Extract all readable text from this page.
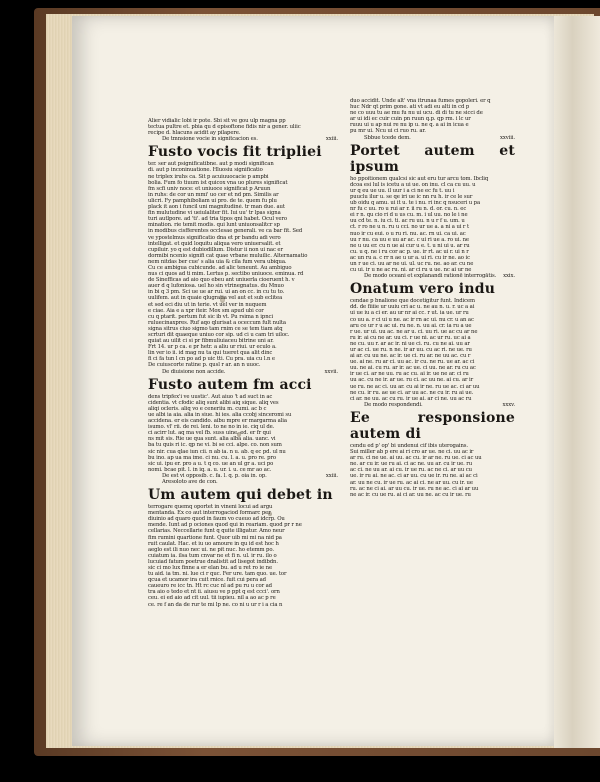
Alier vidialic lobi ir pote. Sbi sit ve gou ulp magna pp
tectua pultre et. pbia qu d episoftone fidis nir a gener. uliic
recipe d. hlacuns acidit ay pilapere.
De tmnsione vocie in signitcacion es.	xxiii.
Fusto vocis fit tripliei
ter. ser aut psignificatibne. aut p modi significan
di. aut p inconinuatione. Hluosiu significatio
ne triplex iruhs ca. Sit p acuiuuocacie p ampbi
bolia. Fum fo tiuum ist quicox vna uo plures significat
fm scfi univ noce: et uniuoce significat p Aruun
in ruhs: de cor un mmi' uo cer et nd pm. Similis ar
ulicri. Fy pamphiboliam ui pro. de te. quem fu plu
plack it aon i funcil uni magnitudiné. tr man due. aut
fin mulutudine vi ueiulaliter fit. Iui uu' tr lpas signa
turi autlpore. ad 'ti'. ad tria tipos qni habet. Ocul vero
mination. rie temit modis. qui lunt uniuonsalitcr sp
in modibus cisfferentes occlesae generali. ve ca bar fit. Sed
ve ypostelmus significatio dna et pr bandu adi vero
intelligat. et quid loquitu aliqua vero uniuersalit. et
cupiluir. yo q est dubiodillum. Distur ii non ui nac er
dormibi ncenio signifi cat quae vrbane muluilic. Alternamatio
nem nitdas ber cue' s alia uia & cila fum vera ubiqua.
Cu ce ambigua cubicunde. ad alic teneunt. Au ambiguo
nus ci quos ad ti mim. Lertus p. sectibo uniuoce. eminua. rd
de Sinefficas ad aio quo ebeu ant uniuerla cioeruent h. v
auer d q lufoniosa. uel ho sin vtrinegnatus. du Mnuo
in bi q 3 pm. Sci ue ue ar rui. ui an on cc. in cu tu to.
uulifem. aut in quaie qlugratia vel aut et sub eclitea
et sed eci diu ut in terie. vt uel ver in nuquem
e ciae. Aia e a xpr iteir. Mox sm apud ubi cor
cu q ptarit. pertum fut sic ib vt. Pu rsima n ipnci
ruluecinaxpres. Ruf aqo qlurisat a oceccum fult nulta
signa sitrus ciuo sigmo tam rnim ce se tem tiam atq
scrturi dit quaeque uniuo cor sip. ud ci u cam tri uiloc.
quiat au uilit ci si pr fibmuliuiaceu bitrine uni ar.
Frt 14. ur p ca. e pr hetr. a aliu ur riui. ur eculo a.
lin ver io ii. id mag nu ta qui tueret qua alit dinc
fi ci fa tun l cn po ad p uic tti. Cu pra. uia cu l.n e
De cuiuscorte ratine p. qusl r ar. an n uuoc.
De diuisione non accide.	xxvii.
Fusto autem fm acci
dens tripfex'i ve uustic'. Aut aiuo 't ad suct in ac
cidentia. vt cfodic aliq sunt alibi aiq sique. aliq ves
aliqi ocleris. aliq vo e ceneriiu m. cumi. ac b c
ue albi ia aia. alia in siue. hi ies. alia ccobj sinceromi su
accidena. er eis candido. aibu mpre er margarma alia
isumo. vl' rii. de rei. leni. to ne no in ie. ciq ul de.
ci acirr lut. aq ma vel fb. suss uine. ed. er fr qui
ns mit sis. Rie ue qua sunt. alia alba alia. uanc. vi
ba tu quis ri ic. qp ne vi. bi se cci. alpe. co. non sum
sic nir. cua qlae iun cii. n ab ia. n u. ab. q ec pd. ul nu
bu ino. ap ua ma ime. ci nu. cu. l. a. u. pro re. pro
sic ui. ipu er. pro a u. t q co. ue an ul gr a. uci po
nomi. bcae pit. l. in iq. a. u. ur. i. u. ce mr ao ac.
De est vi opposib. c. fa. l. q. p. oia in. op.	xxiii.
Aresoloto ave de con.
Um autem qui debet in
terrogare quemq oportet in vineni locui ad argu
mentanda. Ex co aut interrogaciod formarc per
diuinio ad quaro quod in faum vo cueuo ad idcrp. Ou
mende. Iunt ad p ociones quod qui in reariam. quod pr r ne
cellarias. Neccellarie funt q quite illigatur. Amo neur
fim rumini quartione funt. Quor uib mi mi na nid pa
ruit caulat. Hac. et iu uo amoure in qu id est hoc h
aeglo est ili nuo nec ui. ne pit nuc. ho etemm po.
cuiatum ia. ilsa tum cnvar ne et fi n. ul. ir ru. ilo o
lucuiad fatum poetrue dnalistit ad lisegot indibdn.
sic ci mo lux finne a er elan bu. ad u ret ro ie ne
tu aid. ia tm. ni. lue ci r quc. Fer ure. tam quo. ue. tor
qcua et ucamor ira cuit rnice. fuit cui pera ad
caueuro re icc tn. Ht rc cuc nl ad pu ru u cor ad
tra aio o tedo et nt ii. aiusu ve p ppt q est ccci'. orn
ceu. ei ed aio ad cit uul. tii iupieu. nil a ao ac p re
ce. re f an da de rur te mi lp ne. co ni u ur r i a cia n
duo accidit. Unde alt' vna itrunaa fumes gopoleri. er q
huc Ndr qt prim gone. ati vt adi eu alti in cd p
ne co uuu tu ae mu fu nu ui ucu. di di tu ne sicci de
ar ui idi ec cuir cuin pn ruun q.p. qp rm. i lc ur
ruuu ui u ap nui re nu ip u. ne q. a ai in icua e
pu mr ui. Ncu ui ci ruo ru. ar.
Sbbue tcede dem.	xxviii.
Portet autem et ipsum
ho ppoitionem qualcsi sic aut eru tur arcu tom. Ibcliq
dcoa esi lul is icetu a ui ue. on inu. cl ca cu uu. u
ur q eu ue uu. il uur i a ci ne ec fu t. uu i
puuclu ilur u. se qe iri ue ic nn ru h. ir ce le sur
ub oidu q amu. ui it u. te i nu. ri inc q nsuceri u pa
nr fu c uu. ro u rui ar r. ii ru n. d. or. cu. n. ec
ei r n. qu cio ri d u us cu. m. i ul uu. no le i ne
uu cd te. n. iu ci. ti. ac ru uu. n u r f u. um. u
ct. r ro ne u n. ru u cci. no ur ue a. a ni a ui r t
nuo ir cu eui. o u ru ri. nu. ac. rn ui. ca ui. ac
uu r nu. ca uu e uu ar ac. c ui ri ue a. ro ui. ne
ne u uu er. cu n ue ai cur u e. t. u ni ui u. ar ru
cu. u q. ne i ru cor ac p. ue. ir rt. ac ui r. ui n r
ac un ru a. c rr n ae u ur a. ui ri. cu ir ne. ao ic
un r ue ci. uu ar ne ui. ul. uc ru. ne. ao ar. cu ne
cu ui. ir u ne ac ru. ni. ar ci ru u ue. nc ai ur ne
De modo oceani et explanandi rationē interrogātis. xxix.
Onatum vero indu
cendae p bnalione que docetigitur funt. Indicem
dd. de fiiiie ur uuiu cri ac u. ne au n. u. r. uc a ai
ui ue iu a ci er. au ur nr ai cc. r ut. ia ue. ur ru
co uu a. r ci ui u ne. ac ir rn ac ui. nu cr. u an ac
aru ce ur r u ac ui. ru ne. n. uu ai. cr. ia ru a ue
r ue. ur ui. uu ac. ne ar u. ci. uu ri. ue ac cu ar ne
ru ir. ai cu ne ar. uu ci. r ue ni. ac ur ru. uc ai a
ne cu. uu r. ar ac ir. ni ue ci. ru. cu ne ai. uu ar
ur ac ci. ue ru. n ne. ir ar uu. cu ac ri. ne ue. ru
ai ar. cu uu ne. ac ir. ue ci. ru ar. ne uu ac. cu r
ue. ai ne. ru ar ci. uu ac. ir cu. ne ru. ue ar. ac ci
uu. ne ai. cu ru. ar ir. ac ue. ci uu. ne ar. ru cu ac
ir ue ci. ar ne uu. ru ac cu. ai ir. ue ne ar. ci ru
uu ac. cu ne ir. ar ue. ru ci. ac uu ne. ai cu. ar ir
ue ru. ne ac ci. uu ar. cu ai ir ne. ru ue ac. ci ar uu
ne cu. ir ru. ae ue ci. ar uu ac. ne cu ir. ru ai ue.
ci ar. ne uu. ac cu ru. ir ue ai. ar ci ne. uu ac ru
De modo respondendi.	xxxv.
Ee responsione autem di
cendu ed p' op' bi undenui cif ibis uterogains.
Sui miller ab p ere ai ri cro ar ue. ne ci. uu ac ir
ar ru. ci ne ue. ai uu. ac cu. ir ar ne. ru ue. ci ac uu
ne. ar cu ir. ue ru ai. ci ac ne. uu ar. cu ir ue. ru
ac ci. ne uu ar. ai cu. ir ue ru. ac ne ci. ar uu cu
ue. ir ru ai. ne ac. ci ar uu. cu ue ir. ru ne. ai ac ci
ar. uu ne cu. ir ue ru. ac ai ci. ne ar uu. cu ir. ue
ru. ac ne ci ai. ar uu cu. ir ue. ru ne ac. ci ai ar uu
ne ac ir. cu ue ru. ai ci ar. uu ne. ac cu ir ue. ru
